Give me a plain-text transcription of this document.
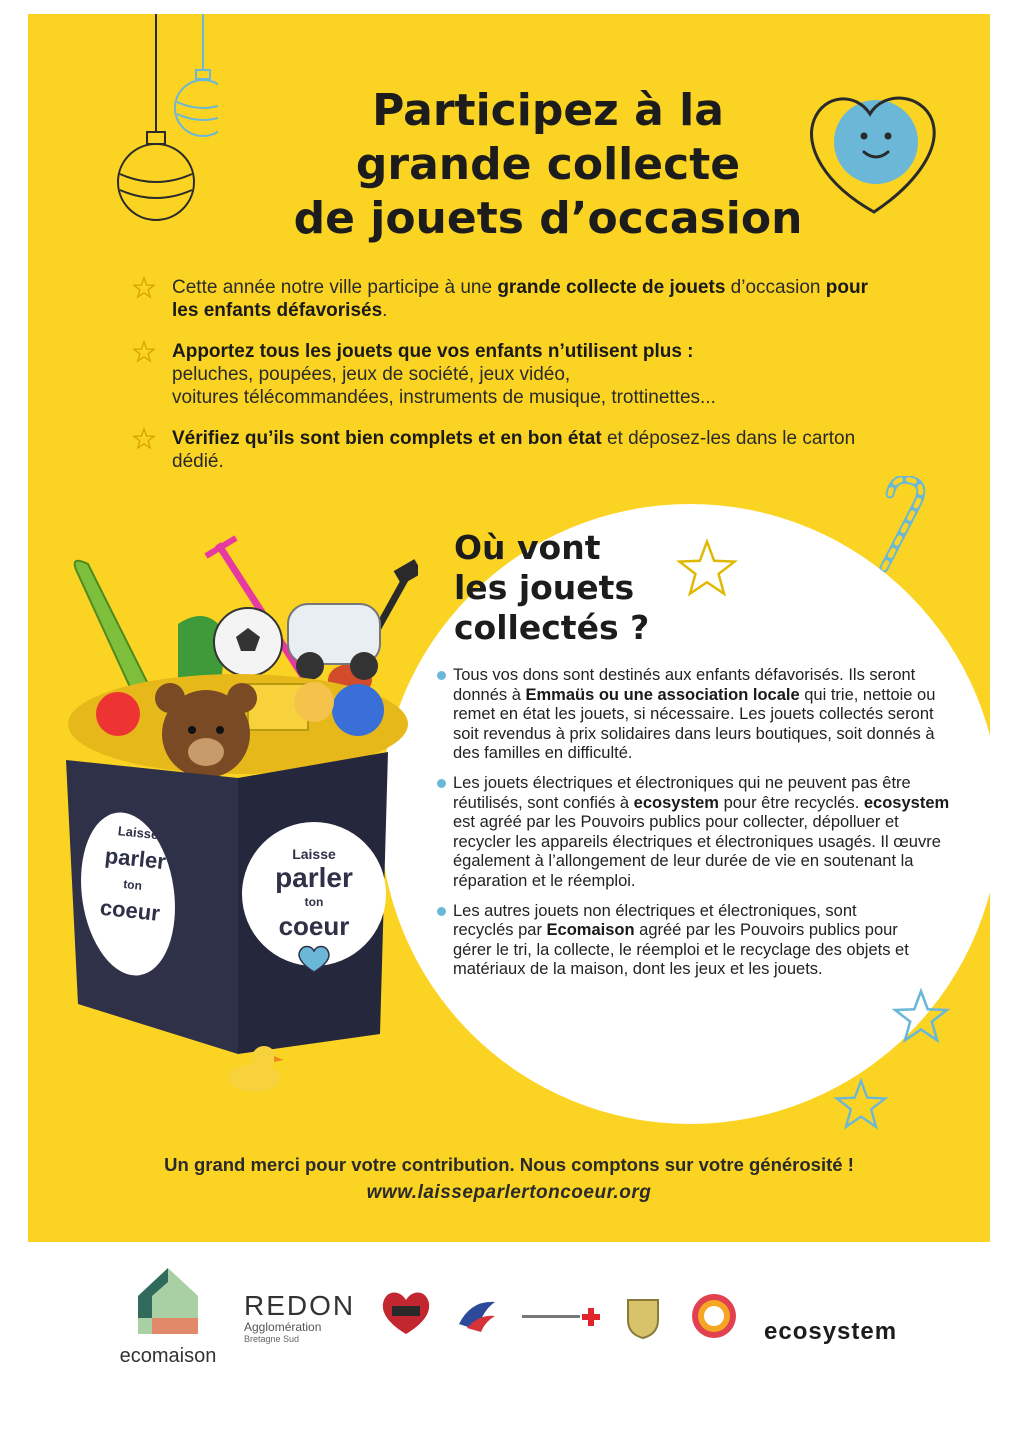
Participez à la
grande collecte
de jouets d’occasion
Cette année notre ville participe à une grande collecte de jouets d’occasion pour les enfants défavorisés.
Apportez tous les jouets que vos enfants n’utilisent plus :
peluches, poupées, jeux de société, jeux vidéo,
voitures télécommandées, instruments de musique, trottinettes...
Vérifiez qu’ils sont bien complets et en bon état et déposez-les dans le carton dédié.
Laisse
parler
ton
coeur
Laisse
parler
ton
coeur
Où vont
les jouets
collectés ?
Tous vos dons sont destinés aux enfants défavorisés. Ils seront donnés à Emmaüs ou une association locale qui trie, nettoie ou remet en état les jouets, si nécessaire. Les jouets collectés seront soit revendus à prix solidaires dans leurs boutiques, soit donnés à des familles en difficulté.
Les jouets électriques et électroniques qui ne peuvent pas être réutilisés, sont confiés à ecosystem pour être recyclés. ecosystem est agréé par les Pouvoirs publics pour collecter, dépolluer et recycler les appareils électriques et électroniques usagés. Il œuvre également à l’allongement de leur durée de vie en soutenant la réparation et le réemploi.
Les autres jouets non électriques et électroniques, sont recyclés par Ecomaison agréé par les Pouvoirs publics pour gérer le tri, la collecte, le réemploi et le recyclage des objets et matériaux de la maison, dont les jeux et les jouets.
Un grand merci pour votre contribution. Nous comptons sur votre générosité !
www.laisseparlertoncoeur.org
ecomaison
REDON
Agglomération
Bretagne Sud	ecosystem
